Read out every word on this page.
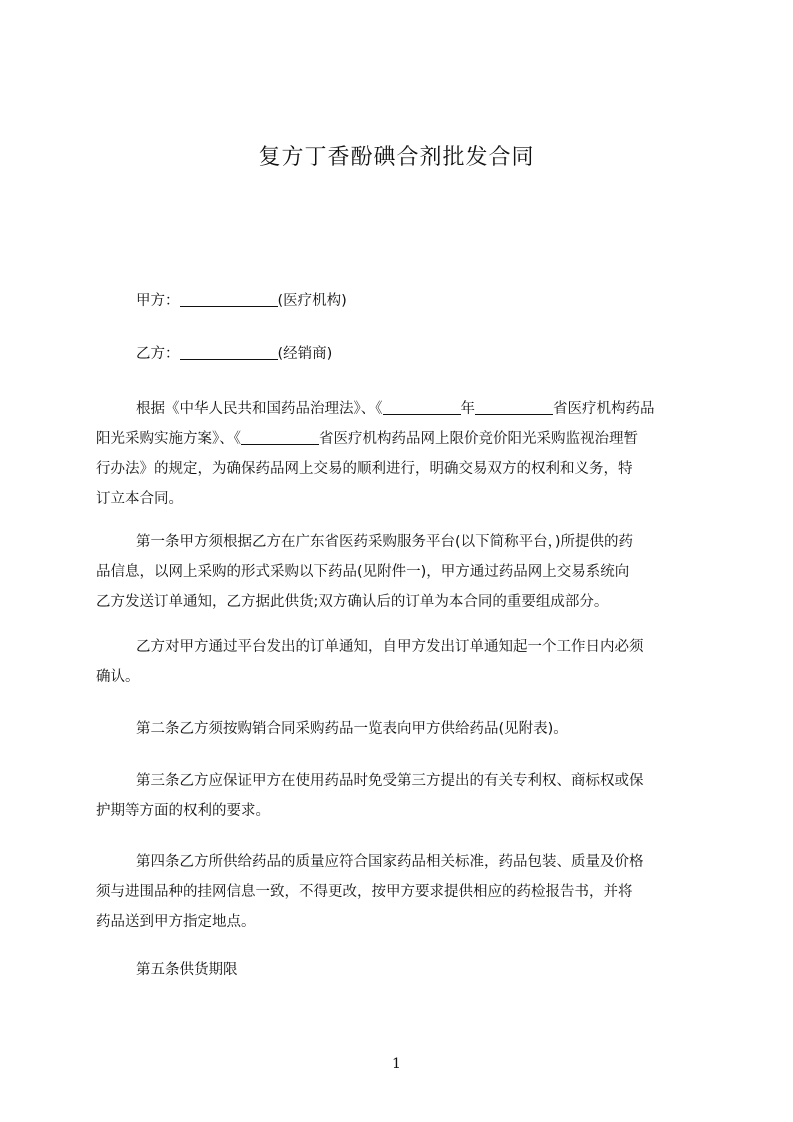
复方丁香酚碘合剂批发合同
甲方：	(医疗机构)
乙方：	(经销商)

根据《中华人民共和国药品治理法》、《	年	省医疗机构药品

阳光采购实施方案》、《	省医疗机构药品网上限价竞价阳光采购监视治理暂

行办法》的规定，为确保药品网上交易的顺利进行，明确交易双方的权利和义务，特

订立本合同。

第一条甲方须根据乙方在广东省医药采购服务平台(以下简称平台，)所提供的药

品信息，以网上采购的形式采购以下药品(见附件一)，甲方通过药品网上交易系统向

乙方发送订单通知，乙方据此供货;双方确认后的订单为本合同的重要组成部分。

乙方对甲方通过平台发出的订单通知，自甲方发出订单通知起一个工作日内必须

确认。

第二条乙方须按购销合同采购药品一览表向甲方供给药品(见附表)。

第三条乙方应保证甲方在使用药品时免受第三方提出的有关专利权、商标权或保

护期等方面的权利的要求。

第四条乙方所供给药品的质量应符合国家药品相关标准，药品包装、质量及价格

须与进围品种的挂网信息一致，不得更改，按甲方要求提供相应的药检报告书，并将

药品送到甲方指定地点。

第五条供货期限

1
